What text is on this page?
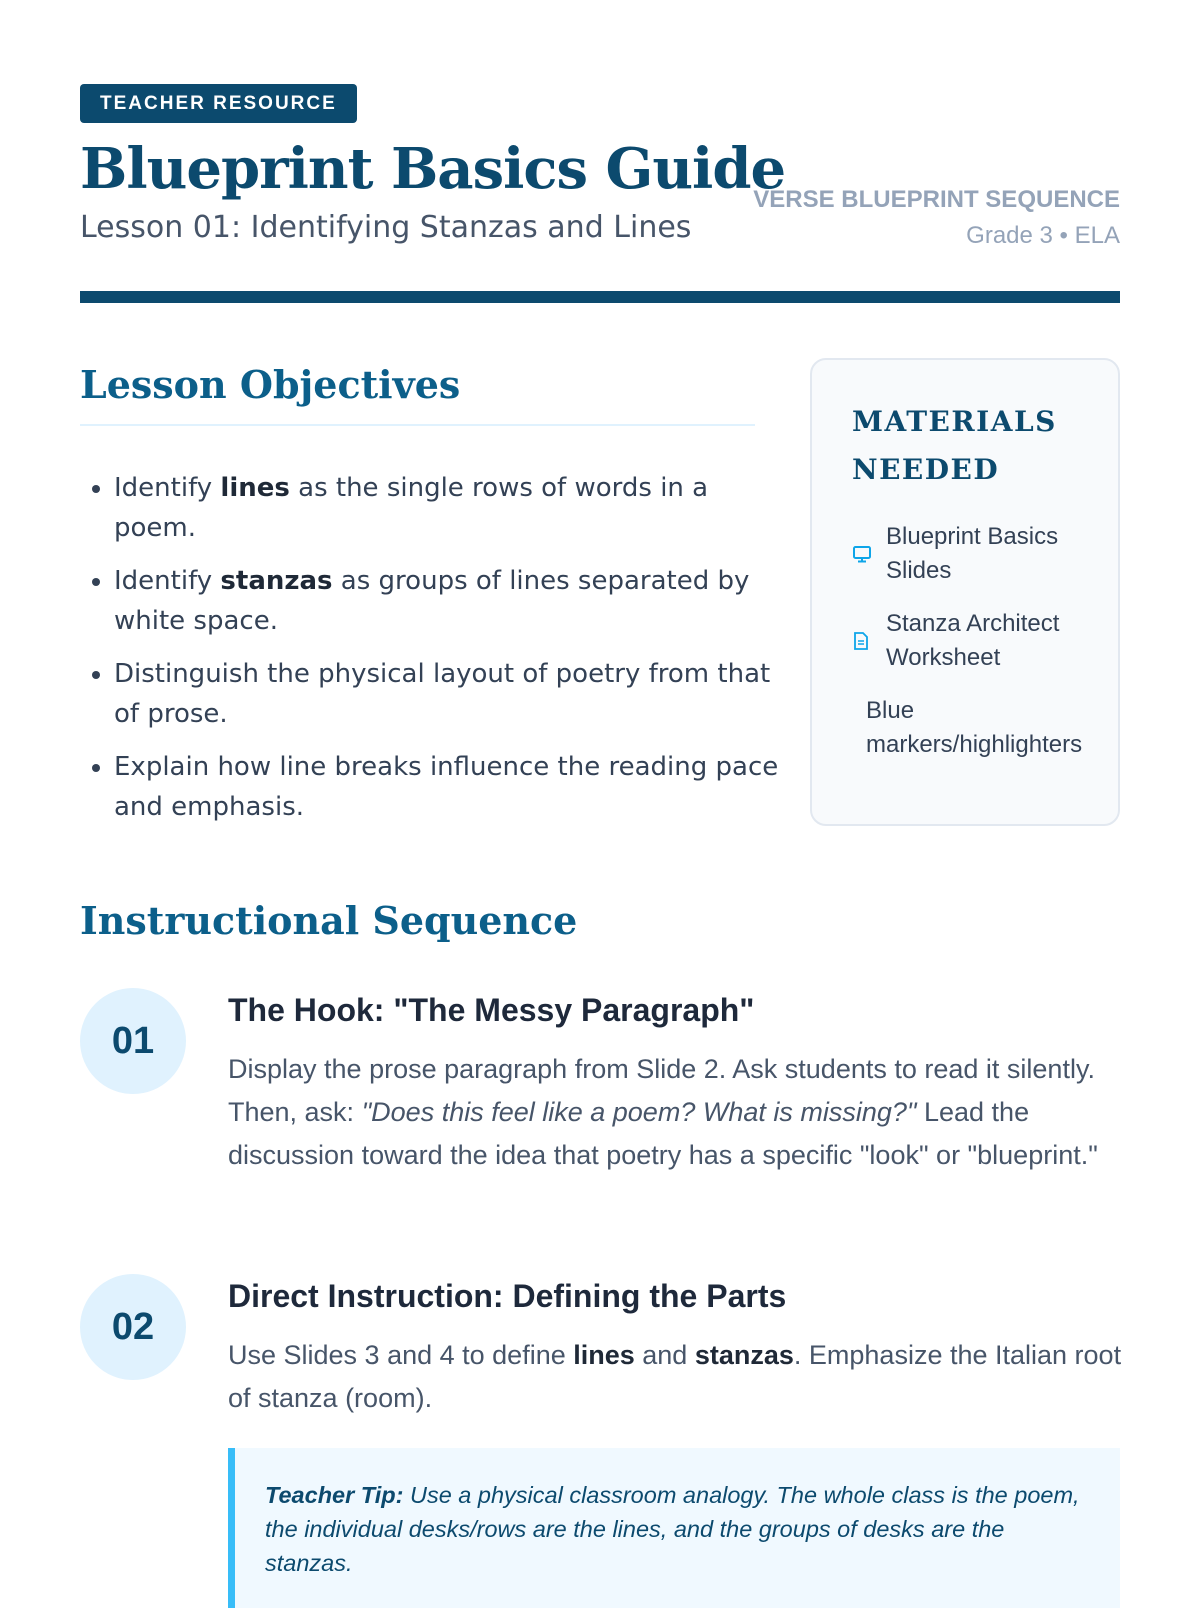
TEACHER RESOURCE
Blueprint Basics Guide
Lesson 01: Identifying Stanzas and Lines
VERSE BLUEPRINT SEQUENCE
Grade 3 • ELA
Lesson Objectives
• Identify lines as the single rows of words in a poem.
• Identify stanzas as groups of lines separated by white space.
• Distinguish the physical layout of poetry from that of prose.
• Explain how line breaks influence the reading pace and emphasis.
MATERIALS NEEDED
Blueprint Basics Slides
Stanza Architect Worksheet
Blue markers/highlighters
Instructional Sequence
01
The Hook: "The Messy Paragraph"

Display the prose paragraph from Slide 2. Ask students to read it silently. Then, ask: "Does this feel like a poem? What is missing?" Lead the discussion toward the idea that poetry has a specific "look" or "blueprint."

02
Direct Instruction: Defining the Parts

Use Slides 3 and 4 to define lines and stanzas. Emphasize the Italian root of stanza (room).

Teacher Tip: Use a physical classroom analogy. The whole class is the poem, the individual desks/rows are the lines, and the groups of desks are the stanzas.
